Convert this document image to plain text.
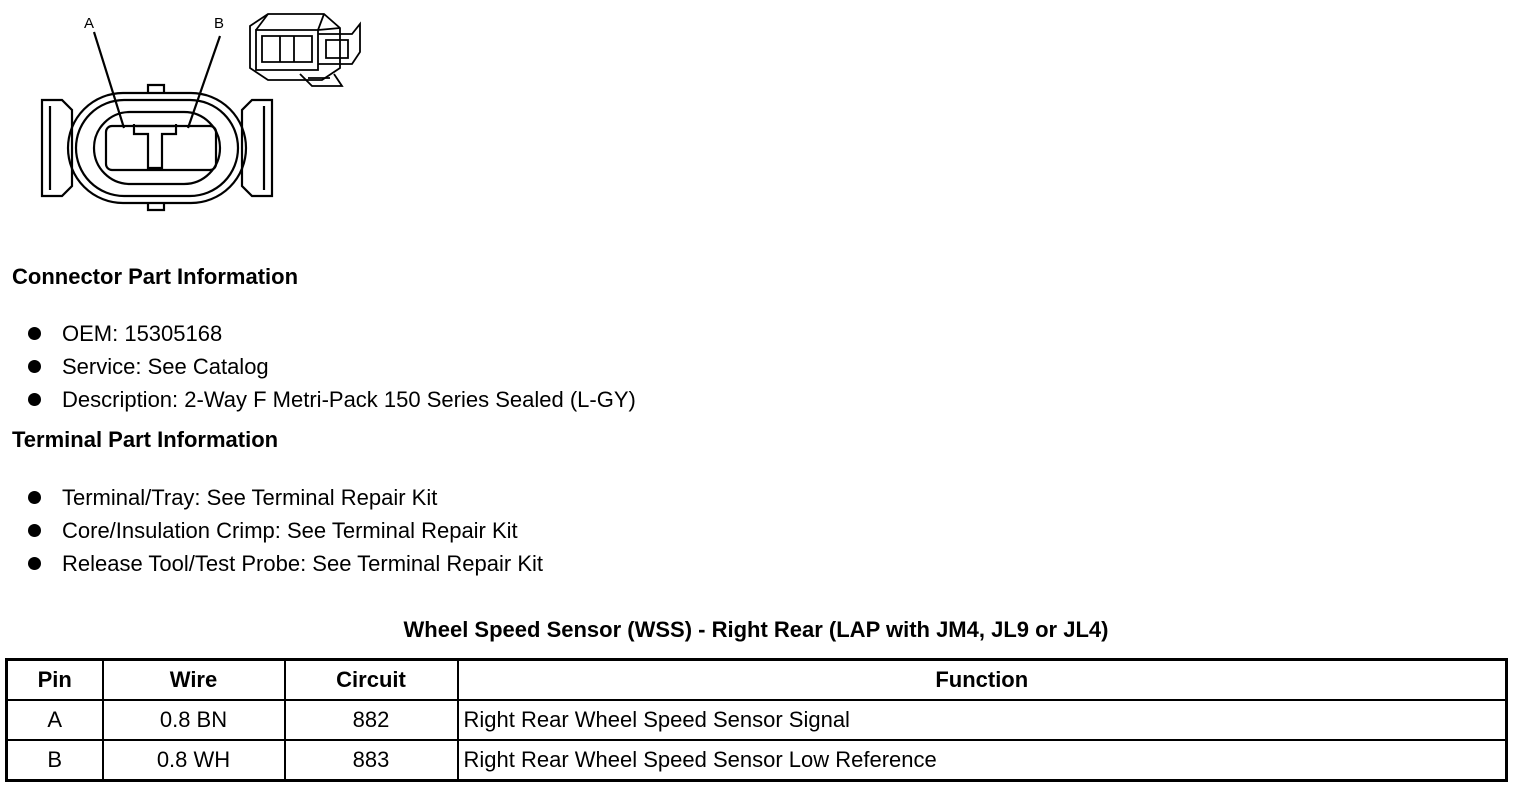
A	B
Connector Part Information
OEM: 15305168
Service: See Catalog
Description: 2-Way F Metri-Pack 150 Series Sealed (L-GY)
Terminal Part Information
Terminal/Tray: See Terminal Repair Kit
Core/Insulation Crimp: See Terminal Repair Kit
Release Tool/Test Probe: See Terminal Repair Kit
Wheel Speed Sensor (WSS) - Right Rear (LAP with JM4, JL9 or JL4)
Pin	Wire	Circuit	Function
A	0.8 BN	882	Right Rear Wheel Speed Sensor Signal
B	0.8 WH	883	Right Rear Wheel Speed Sensor Low Reference
